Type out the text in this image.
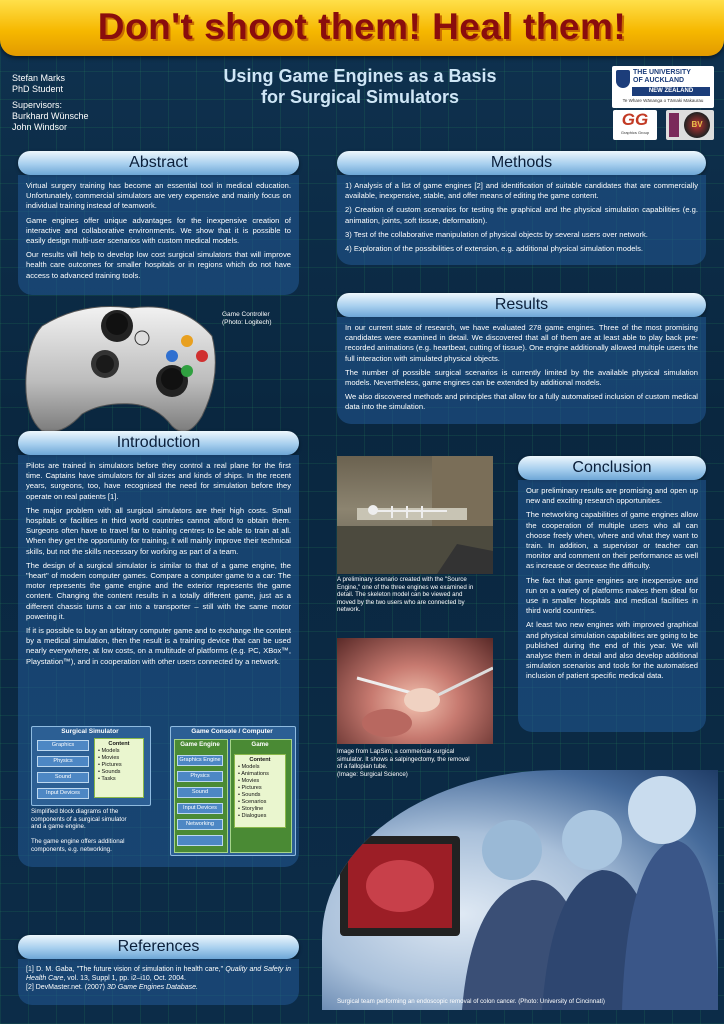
Don't shoot them! Heal them!
Stefan Marks
PhD Student
Supervisors:
Burkhard Wünsche
John Windsor
Using Game Engines as a Basis
for Surgical Simulators
THE UNIVERSITY
OF AUCKLAND
NEW ZEALAND
Te Whare Wānanga o Tāmaki Makaurau
GG
Graphics Group
BV
Abstract

Virtual surgery training has become an essential tool in medical education. Unfortunately, commercial simulators are very expensive and mainly focus on individual training instead of teamwork.

Game engines offer unique advantages for the inexpensive creation of interactive and collaborative environments. We show that it is possible to easily design multi-user scenarios with custom medical models.

Our results will help to develop low cost surgical simulators that will improve health care outcomes for smaller hospitals or in regions which do not have access to advanced training tools.

Game Controller
(Photo: Logitech)
Introduction

Pilots are trained in simulators before they control a real plane for the first time. Captains have simulators for all sizes and kinds of ships. In the recent years, surgeons, too, have recognised the need for simulation before they operate on real patients [1].

The major problem with all surgical simulators are their high costs. Small hospitals or facilities in third world countries cannot afford to obtain them. Surgeons often have to travel far to training centres to be able to train at all. When they get the opportunity for training, it will mainly improve their technical skills, but not the skills necessary for working as part of a team.

The design of a surgical simulator is similar to that of a game engine, the "heart" of modern computer games. Compare a computer game to a car: The motor represents the game engine and the exterior represents the game content. Changing the content results in a totally different game, just as a different chassis turns a car into a transporter – still with the same motor powering it.

If it is possible to buy an arbitrary computer game and to exchange the content by a medical simulation, then the result is a training device that can be used nearly everywhere, at low costs, on a multitude of platforms (e.g. PC, XBox™, Playstation™), and in cooperation with other users connected by a network.

Surgical Simulator
Graphics
Physics
Sound
Input Devices
Content
• Models
• Movies
• Pictures
• Sounds
• Tasks
Game Console / Computer
Game Engine
Graphics Engine
Physics
Sound
Input Devices
Networking
Game
Content
• Models
• Animations
• Movies
• Pictures
• Sounds
• Scenarios
• Storyline
• Dialogues
Simplified block diagrams of the
components of a surgical simulator
and a game engine.
The game engine offers additional
components, e.g. networking.
Methods

1) Analysis of a list of game engines [2] and identification of suitable candidates that are commercially available, inexpensive, stable, and offer means of editing the game content.

2) Creation of custom scenarios for testing the graphical and the physical simulation capabilities (e.g. animation, joints, soft tissue, deformation).

3) Test of the collaborative manipulation of physical objects by several users over network.

4) Exploration of the possibilities of extension, e.g. additional physical simulation models.

Results

In our current state of research, we have evaluated 278 game engines. Three of the most promising candidates were examined in detail. We discovered that all of them are at least able to play back pre-recorded animations (e.g. heartbeat, cutting of tissue). One engine additionally allowed multiple users the full interaction with simulated physical objects.

The number of possible surgical scenarios is currently limited by the available physical simulation models. Nevertheless, game engines can be extended by additional models.

We also discovered methods and principles that allow for a fully automatised inclusion of custom medical data into the simulation.

A preliminary scenario created with the "Source
Engine," one of the three engines we examined in
detail. The skeleton model can be viewed and
moved by the two users who are connected by
network.
Image from LapSim, a commercial surgical
simulator. It shows a salpingectomy, the removal
of a fallopian tube.
(Image: Surgical Science)
Conclusion

Our preliminary results are promising and open up new and exciting research opportunities.

The networking capabilities of game engines allow the cooperation of multiple users who all can choose freely when, where and what they want to train. In addition, a supervisor or teacher can monitor and comment on their performance as well as increase or decrease the difficulty.

The fact that game engines are inexpensive and run on a variety of platforms makes them ideal for use in smaller hospitals and medical facilities in third world countries.

At least two new engines with improved graphical and physical simulation capabilities are going to be published during the end of this year. We will analyse them in detail and also develop additional simulation scenarios and tools for the automatised inclusion of patient specific medical data.

Surgical team performing an endoscopic removal of colon cancer. (Photo: University of Cincinnati)
References
[1] D. M. Gaba, "The future vision of simulation in health care," Quality and Safety in Health Care, vol. 13, Suppl 1, pp. i2–i10, Oct. 2004.
[2] DevMaster.net. (2007) 3D Game Engines Database.
